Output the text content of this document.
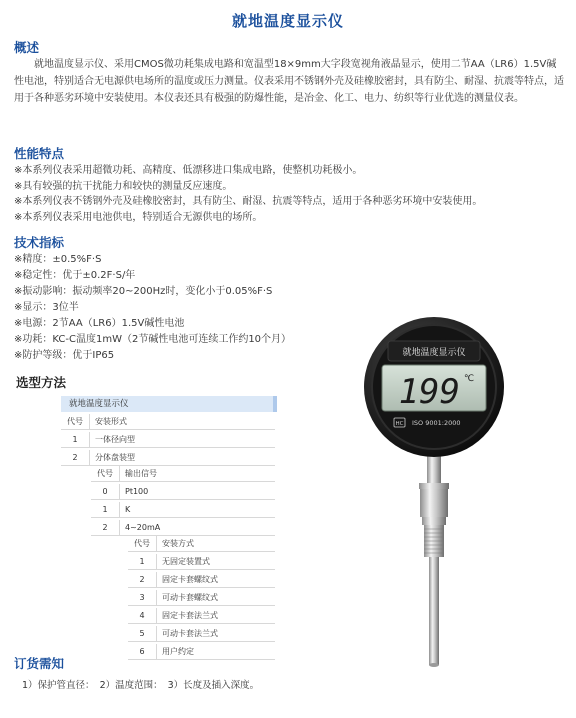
就地温度显示仪
概述

就地温度显示仪、采用CMOS微功耗集成电路和宽温型18×9mm大字段宽视角液晶显示，使用二节AA（LR6）1.5V碱性电池，特别适合无电源供电场所的温度或压力测量。仪表采用不锈钢外壳及硅橡胶密封，具有防尘、耐湿、抗震等特点，适用于各种恶劣环境中安装使用。本仪表还具有极强的防爆性能，是冶金、化工、电力、纺织等行业优选的测量仪表。

性能特点
※本系列仪表采用超微功耗、高精度、低漂移进口集成电路，使整机功耗极小。
※具有较强的抗干扰能力和较快的测量反应速度。
※本系列仪表不锈钢外壳及硅橡胶密封，具有防尘、耐湿、抗震等特点，适用于各种恶劣环境中安装使用。
※本系列仪表采用电池供电，特别适合无源供电的场所。
技术指标
※精度：±0.5%F·S
※稳定性：优于±0.2F·S/年
※振动影响：振动频率20~200Hz时，变化小于0.05%F·S
※显示：3位半
※电源：2节AA（LR6）1.5V碱性电池
※功耗：KC-C温度1mW（2节碱性电池可连续工作约10个月）
※防护等级：优于IP65
选型方法
就地温度显示仪
代号	安装形式
1	一体径向型
2	分体盘装型
代号	输出信号
0	Pt100
1	K
2	4~20mA
代号	安装方式
1	无固定装置式
2	固定卡套螺纹式
3	可动卡套螺纹式
4	固定卡套法兰式
5	可动卡套法兰式
6	用户约定
就地温度显示仪
199 ℃
HC ISO 9001:2000
订货需知
1）保护管直径： 2）温度范围： 3）长度及插入深度。
